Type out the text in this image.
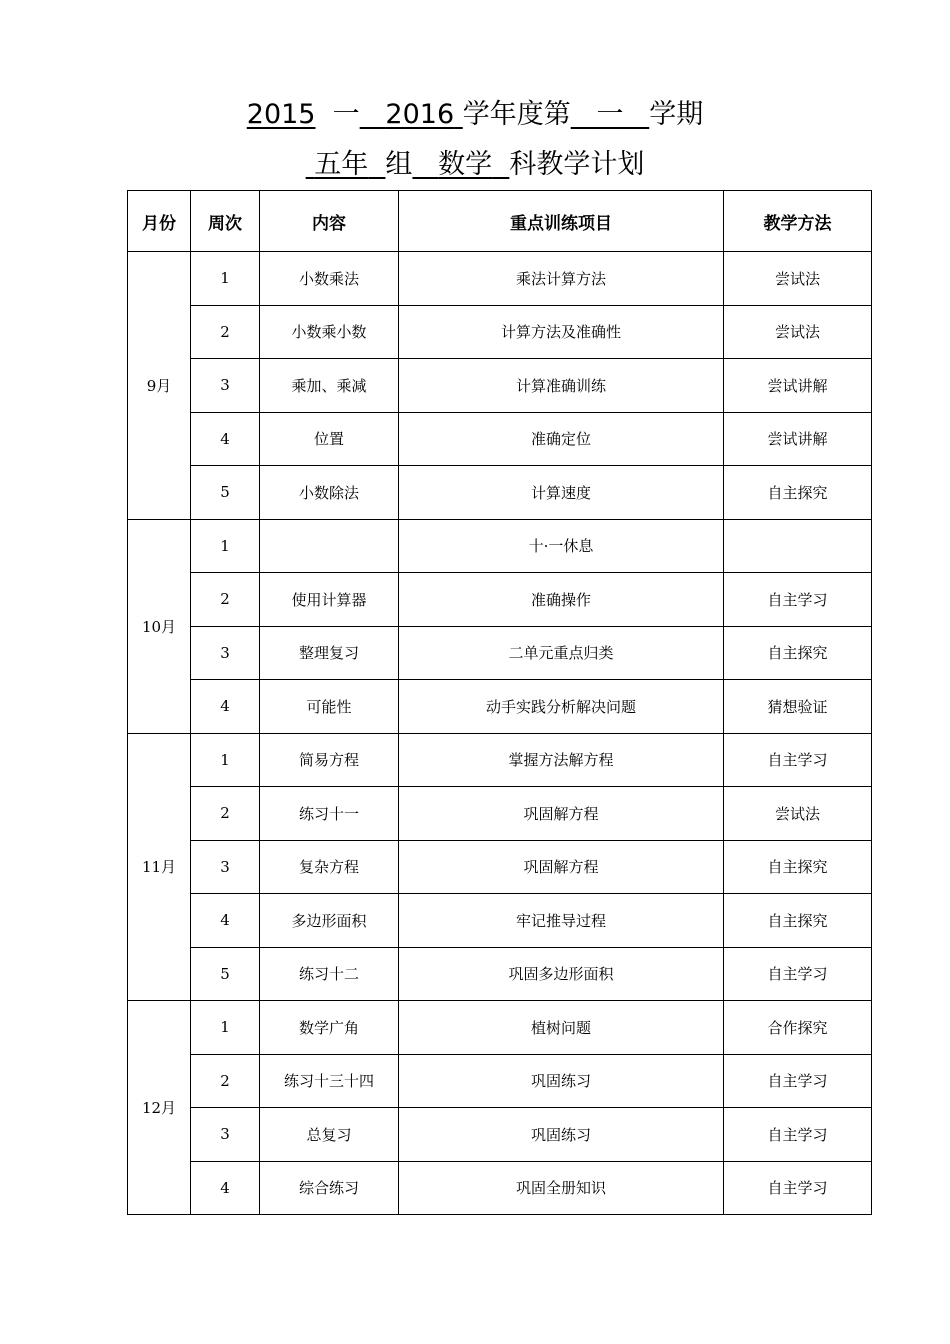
2015 一 2016 学年度第 一 学期
五年 组 数学 科教学计划
月份	周次	内容	重点训练项目	教学方法
9月	1	小数乘法	乘法计算方法	尝试法
	2	小数乘小数	计算方法及准确性	尝试法
	3	乘加、乘减	计算准确训练	尝试讲解
	4	位置	准确定位	尝试讲解
	5	小数除法	计算速度	自主探究
10月	1		十·一休息	
	2	使用计算器	准确操作	自主学习
	3	整理复习	二单元重点归类	自主探究
	4	可能性	动手实践分析解决问题	猜想验证
11月	1	简易方程	掌握方法解方程	自主学习
	2	练习十一	巩固解方程	尝试法
	3	复杂方程	巩固解方程	自主探究
	4	多边形面积	牢记推导过程	自主探究
	5	练习十二	巩固多边形面积	自主学习
12月	1	数学广角	植树问题	合作探究
	2	练习十三十四	巩固练习	自主学习
	3	总复习	巩固练习	自主学习
	4	综合练习	巩固全册知识	自主学习
